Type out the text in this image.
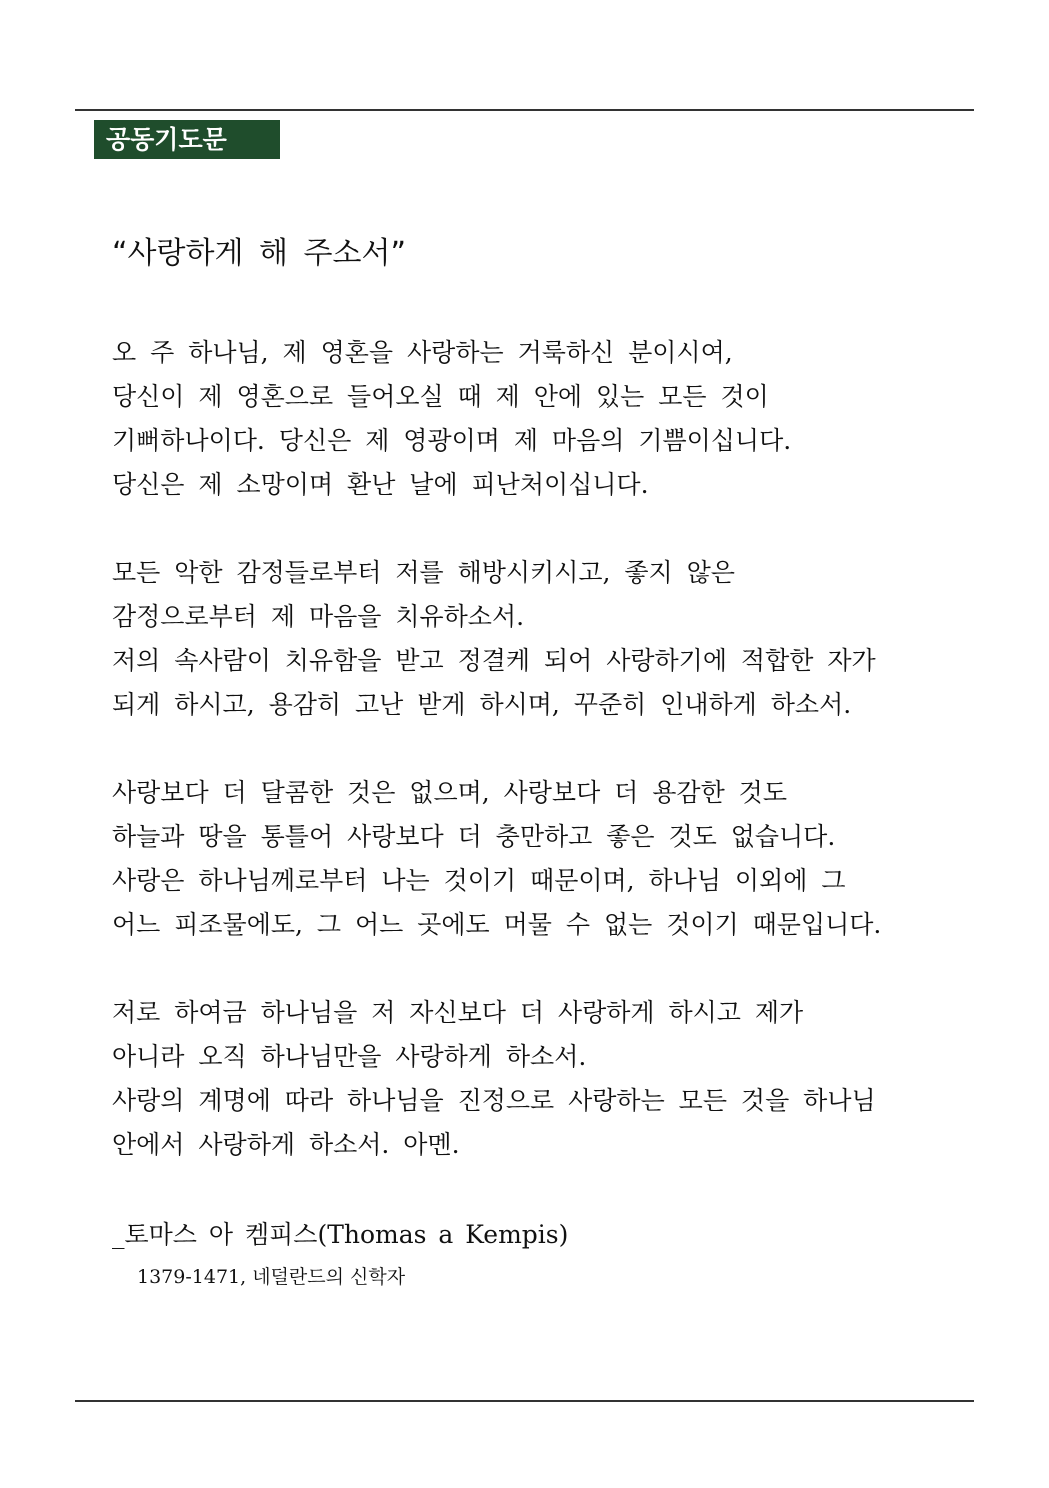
공동기도문
“사랑하게 해 주소서”

오 주 하나님, 제 영혼을 사랑하는 거룩하신 분이시여,
당신이 제 영혼으로 들어오실 때 제 안에 있는 모든 것이
기뻐하나이다. 당신은 제 영광이며 제 마음의 기쁨이십니다.
당신은 제 소망이며 환난 날에 피난처이십니다.

모든 악한 감정들로부터 저를 해방시키시고, 좋지 않은
감정으로부터 제 마음을 치유하소서.
저의 속사람이 치유함을 받고 정결케 되어 사랑하기에 적합한 자가
되게 하시고, 용감히 고난 받게 하시며, 꾸준히 인내하게 하소서.

사랑보다 더 달콤한 것은 없으며, 사랑보다 더 용감한 것도
하늘과 땅을 통틀어 사랑보다 더 충만하고 좋은 것도 없습니다.
사랑은 하나님께로부터 나는 것이기 때문이며, 하나님 이외에 그
어느 피조물에도, 그 어느 곳에도 머물 수 없는 것이기 때문입니다.

저로 하여금 하나님을 저 자신보다 더 사랑하게 하시고 제가
아니라 오직 하나님만을 사랑하게 하소서.
사랑의 계명에 따라 하나님을 진정으로 사랑하는 모든 것을 하나님
안에서 사랑하게 하소서. 아멘.

_토마스 아 켐피스(Thomas a Kempis)
1379-1471, 네덜란드의 신학자
